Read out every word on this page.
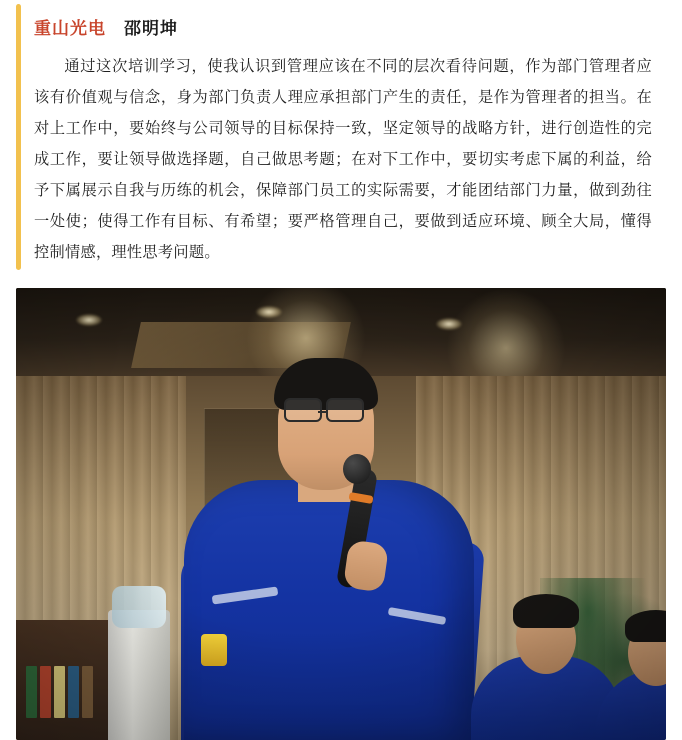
重山光电 邵明坤
通过这次培训学习，使我认识到管理应该在不同的层次看待问题，作为部门管理者应该有价值观与信念，身为部门负责人理应承担部门产生的责任，是作为管理者的担当。在对上工作中，要始终与公司领导的目标保持一致，坚定领导的战略方针，进行创造性的完成工作，要让领导做选择题，自己做思考题；在对下工作中，要切实考虑下属的利益，给予下属展示自我与历练的机会，保障部门员工的实际需要，才能团结部门力量，做到劲往一处使；使得工作有目标、有希望；要严格管理自己，要做到适应环境、顾全大局，懂得控制情感，理性思考问题。
